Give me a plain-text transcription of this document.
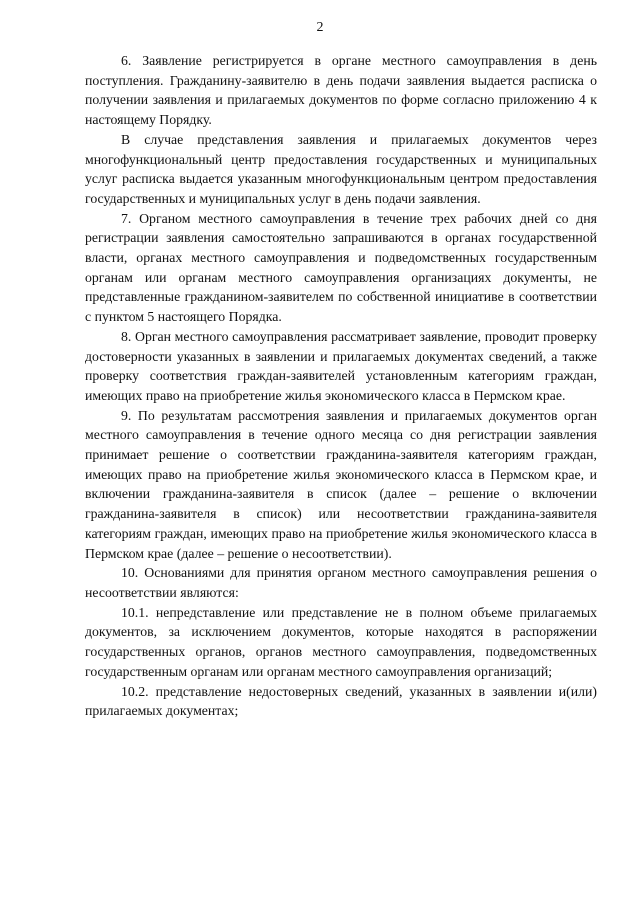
2

6. Заявление регистрируется в органе местного самоуправления в день поступления. Гражданину-заявителю в день подачи заявления выдается расписка о получении заявления и прилагаемых документов по форме согласно приложению 4 к настоящему Порядку.

В случае представления заявления и прилагаемых документов через многофункциональный центр предоставления государственных и муниципальных услуг расписка выдается указанным многофункциональным центром предоставления государственных и муниципальных услуг в день подачи заявления.

7. Органом местного самоуправления в течение трех рабочих дней со дня регистрации заявления самостоятельно запрашиваются в органах государственной власти, органах местного самоуправления и подведомственных государственным органам или органам местного самоуправления организациях документы, не представленные гражданином-заявителем по собственной инициативе в соответствии с пунктом 5 настоящего Порядка.

8. Орган местного самоуправления рассматривает заявление, проводит проверку достоверности указанных в заявлении и прилагаемых документах сведений, а также проверку соответствия граждан-заявителей установленным категориям граждан, имеющих право на приобретение жилья экономического класса в Пермском крае.

9. По результатам рассмотрения заявления и прилагаемых документов орган местного самоуправления в течение одного месяца со дня регистрации заявления принимает решение о соответствии гражданина-заявителя категориям граждан, имеющих право на приобретение жилья экономического класса в Пермском крае, и включении гражданина-заявителя в список (далее – решение о включении гражданина-заявителя в список) или несоответствии гражданина-заявителя категориям граждан, имеющих право на приобретение жилья экономического класса в Пермском крае (далее – решение о несоответствии).

10. Основаниями для принятия органом местного самоуправления решения о несоответствии являются:

10.1. непредставление или представление не в полном объеме прилагаемых документов, за исключением документов, которые находятся в распоряжении государственных органов, органов местного самоуправления, подведомственных государственным органам или органам местного самоуправления организаций;

10.2. представление недостоверных сведений, указанных в заявлении и(или) прилагаемых документах;
